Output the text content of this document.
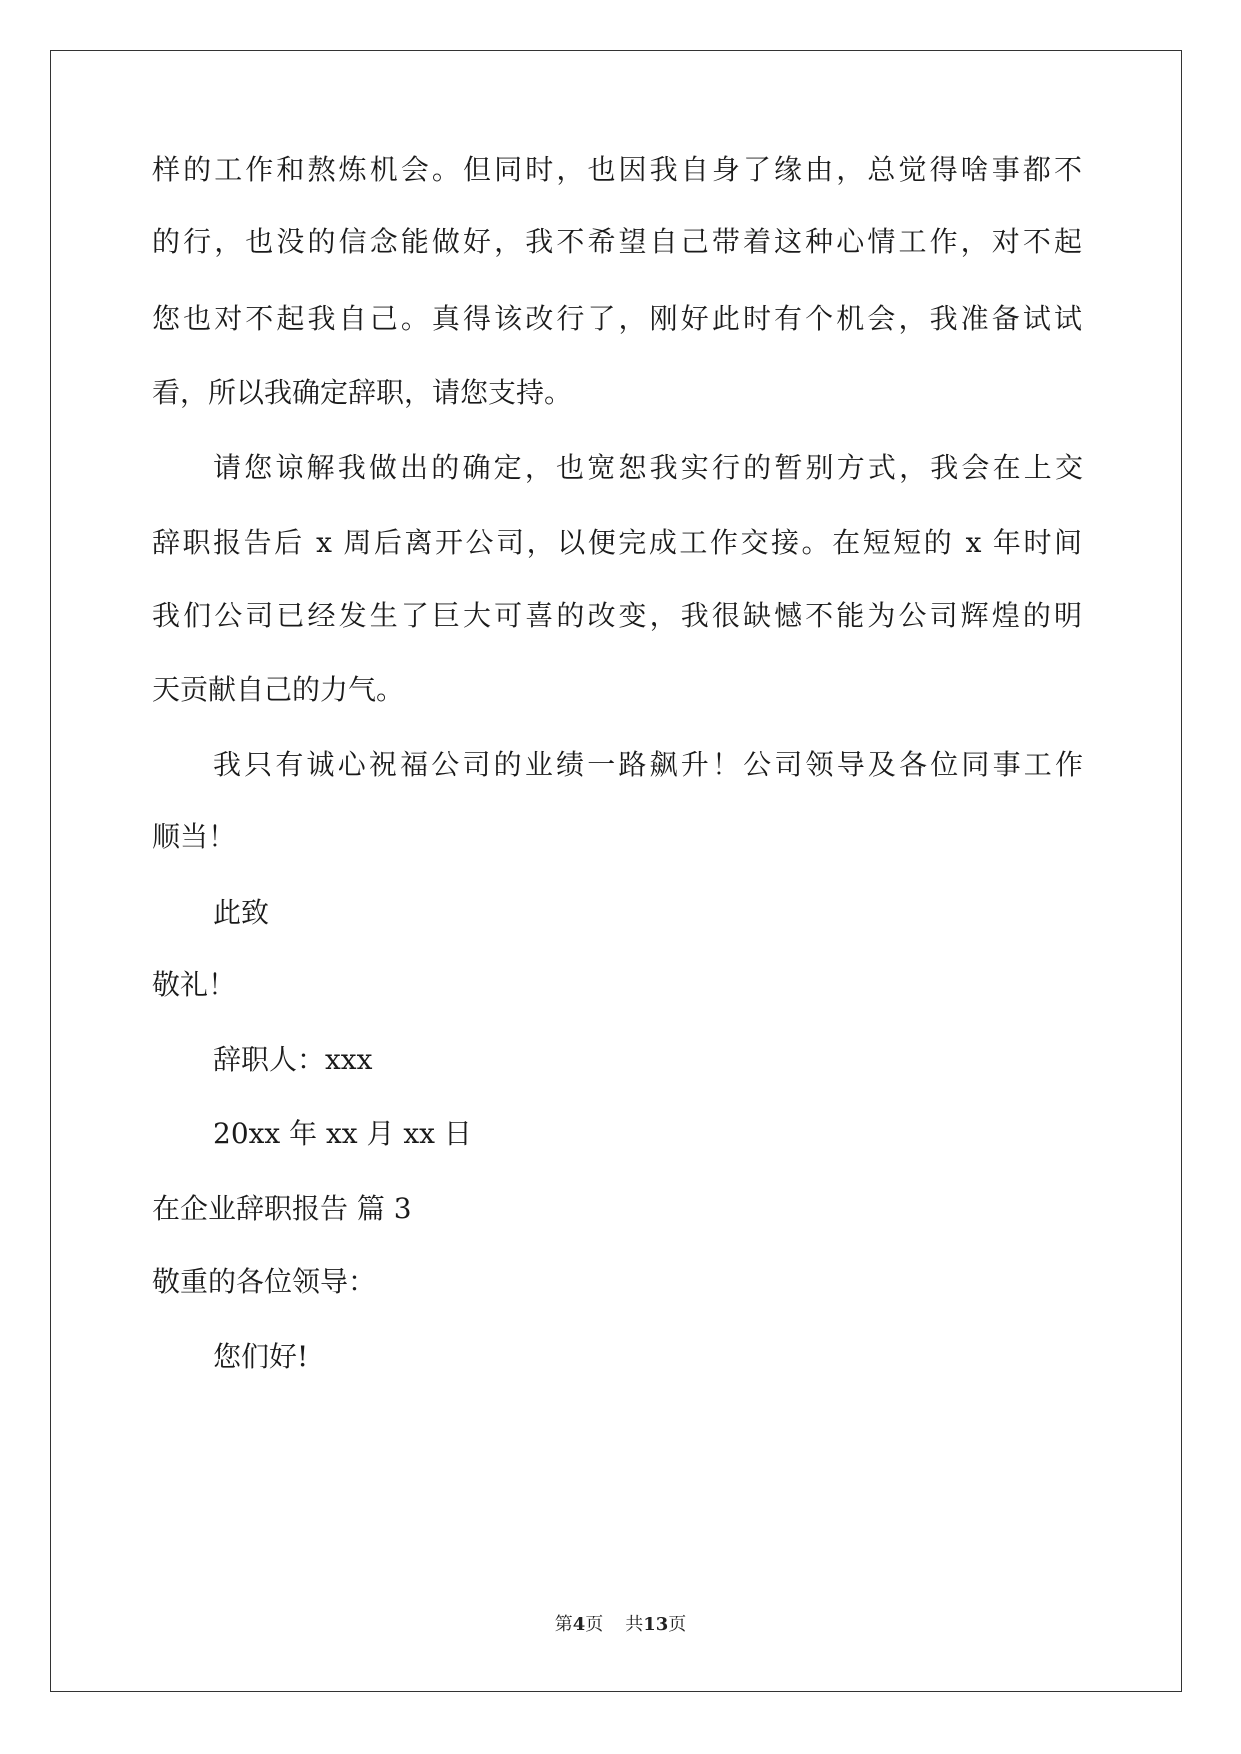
样的工作和熬炼机会。但同时，也因我自身了缘由，总觉得啥事都不
的行，也没的信念能做好，我不希望自己带着这种心情工作，对不起
您也对不起我自己。真得该改行了，刚好此时有个机会，我准备试试
看，所以我确定辞职，请您支持。
请您谅解我做出的确定，也宽恕我实行的暂别方式，我会在上交
辞职报告后 x 周后离开公司，以便完成工作交接。在短短的 x 年时间
我们公司已经发生了巨大可喜的改变，我很缺憾不能为公司辉煌的明
天贡献自己的力气。
我只有诚心祝福公司的业绩一路飙升！公司领导及各位同事工作
顺当！
此致
敬礼！
辞职人：xxx
20xx 年 xx 月 xx 日
在企业辞职报告 篇 3
敬重的各位领导：
您们好!
第4页 共13页
